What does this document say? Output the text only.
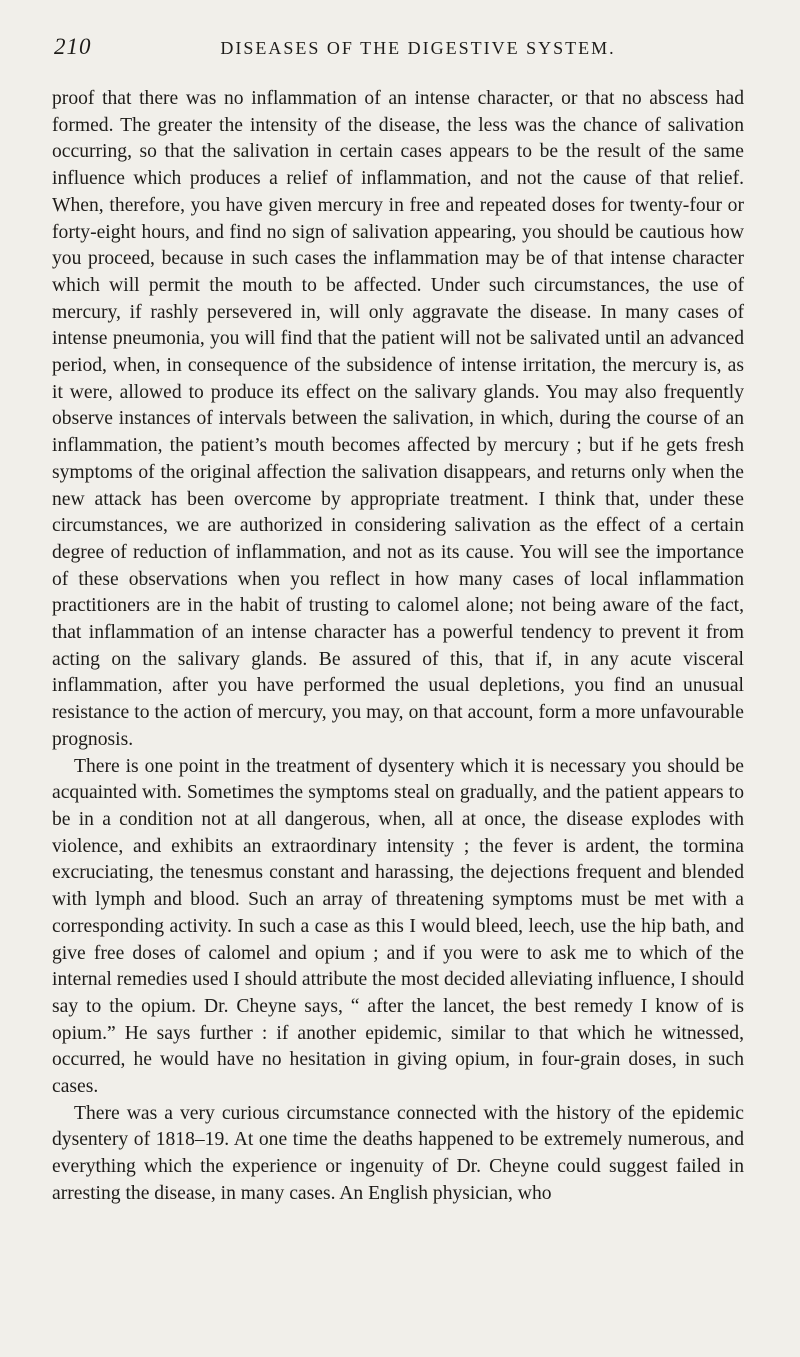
210	DISEASES OF THE DIGESTIVE SYSTEM.

proof that there was no inflammation of an intense character, or that no abscess had formed. The greater the intensity of the disease, the less was the chance of salivation occurring, so that the salivation in certain cases appears to be the result of the same influence which produces a relief of inflammation, and not the cause of that relief. When, therefore, you have given mercury in free and repeated doses for twenty-four or forty-eight hours, and find no sign of salivation appearing, you should be cautious how you proceed, because in such cases the inflammation may be of that intense character which will permit the mouth to be affected. Under such circumstances, the use of mercury, if rashly persevered in, will only aggravate the disease. In many cases of intense pneumonia, you will find that the patient will not be salivated until an advanced period, when, in consequence of the subsidence of intense irritation, the mercury is, as it were, allowed to produce its effect on the salivary glands. You may also frequently observe instances of intervals between the salivation, in which, during the course of an inflammation, the patient’s mouth becomes affected by mercury ; but if he gets fresh symptoms of the original affection the salivation disappears, and returns only when the new attack has been overcome by appropriate treatment. I think that, under these circumstances, we are authorized in considering salivation as the effect of a certain degree of reduction of inflammation, and not as its cause. You will see the importance of these observations when you reflect in how many cases of local inflammation practitioners are in the habit of trusting to calomel alone; not being aware of the fact, that inflammation of an intense character has a powerful tendency to prevent it from acting on the salivary glands. Be assured of this, that if, in any acute visceral inflammation, after you have performed the usual depletions, you find an unusual resistance to the action of mercury, you may, on that account, form a more unfavourable prognosis.

There is one point in the treatment of dysentery which it is necessary you should be acquainted with. Sometimes the symptoms steal on gradually, and the patient appears to be in a condition not at all dangerous, when, all at once, the disease explodes with violence, and exhibits an extraordinary intensity ; the fever is ardent, the tormina excruciating, the tenesmus constant and harassing, the dejections frequent and blended with lymph and blood. Such an array of threatening symptoms must be met with a corresponding activity. In such a case as this I would bleed, leech, use the hip bath, and give free doses of calomel and opium ; and if you were to ask me to which of the internal remedies used I should attribute the most decided alleviating influence, I should say to the opium. Dr. Cheyne says, “ after the lancet, the best remedy I know of is opium.” He says further : if another epidemic, similar to that which he witnessed, occurred, he would have no hesitation in giving opium, in four-grain doses, in such cases.

There was a very curious circumstance connected with the history of the epidemic dysentery of 1818–19. At one time the deaths happened to be extremely numerous, and everything which the experience or ingenuity of Dr. Cheyne could suggest failed in arresting the disease, in many cases. An English physician, who
